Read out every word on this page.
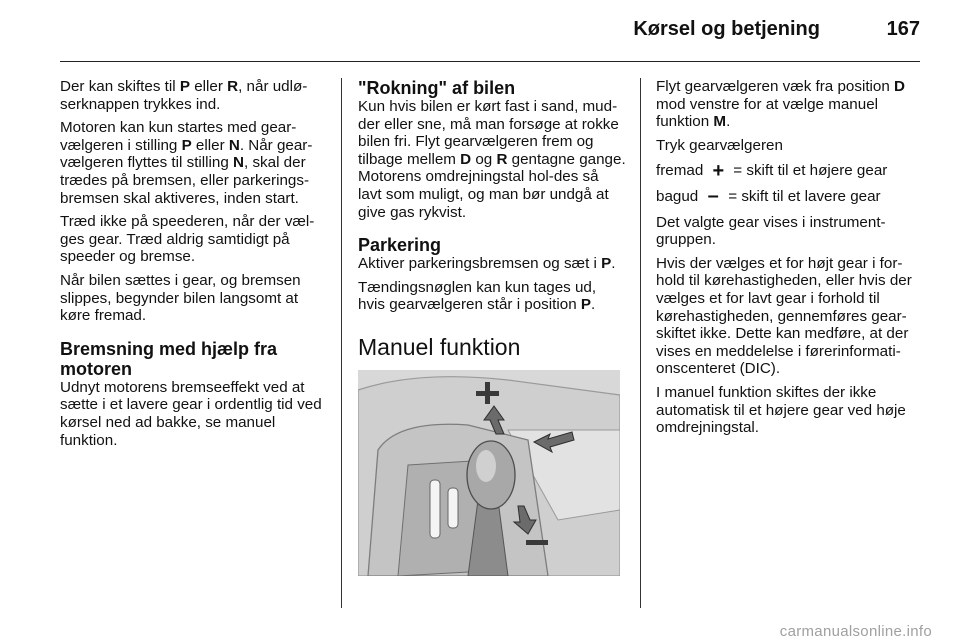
Kørsel og betjening	167

Der kan skiftes til P eller R, når udlø-serknappen trykkes ind.

Motoren kan kun startes med gear-vælgeren i stilling P eller N. Når gear-vælgeren flyttes til stilling N, skal der trædes på bremsen, eller parkerings-bremsen skal aktiveres, inden start.

Træd ikke på speederen, når der væl-ges gear. Træd aldrig samtidigt på speeder og bremse.

Når bilen sættes i gear, og bremsen slippes, begynder bilen langsomt at køre fremad.

Bremsning med hjælp fra motoren

Udnyt motorens bremseeffekt ved at sætte i et lavere gear i ordentlig tid ved kørsel ned ad bakke, se manuel funktion.

"Rokning" af bilen

Kun hvis bilen er kørt fast i sand, mud-der eller sne, må man forsøge at rokke bilen fri. Flyt gearvælgeren frem og tilbage mellem D og R gentagne gange. Motorens omdrejningstal hol-des så lavt som muligt, og man bør undgå at give gas rykvist.

Parkering

Aktiver parkeringsbremsen og sæt i P.

Tændingsnøglen kan kun tages ud, hvis gearvælgeren står i position P.

Manuel funktion

Flyt gearvælgeren væk fra position D mod venstre for at vælge manuel funktion M.

Tryk gearvælgeren

fremad + = skift til et højere gear
bagud – = skift til et lavere gear

Det valgte gear vises i instrument-gruppen.

Hvis der vælges et for højt gear i for-hold til kørehastigheden, eller hvis der vælges et for lavt gear i forhold til kørehastigheden, gennemføres gear-skiftet ikke. Dette kan medføre, at der vises en meddelelse i førerinformati-onscenteret (DIC).

I manuel funktion skiftes der ikke automatisk til et højere gear ved høje omdrejningstal.

carmanualsonline.info
